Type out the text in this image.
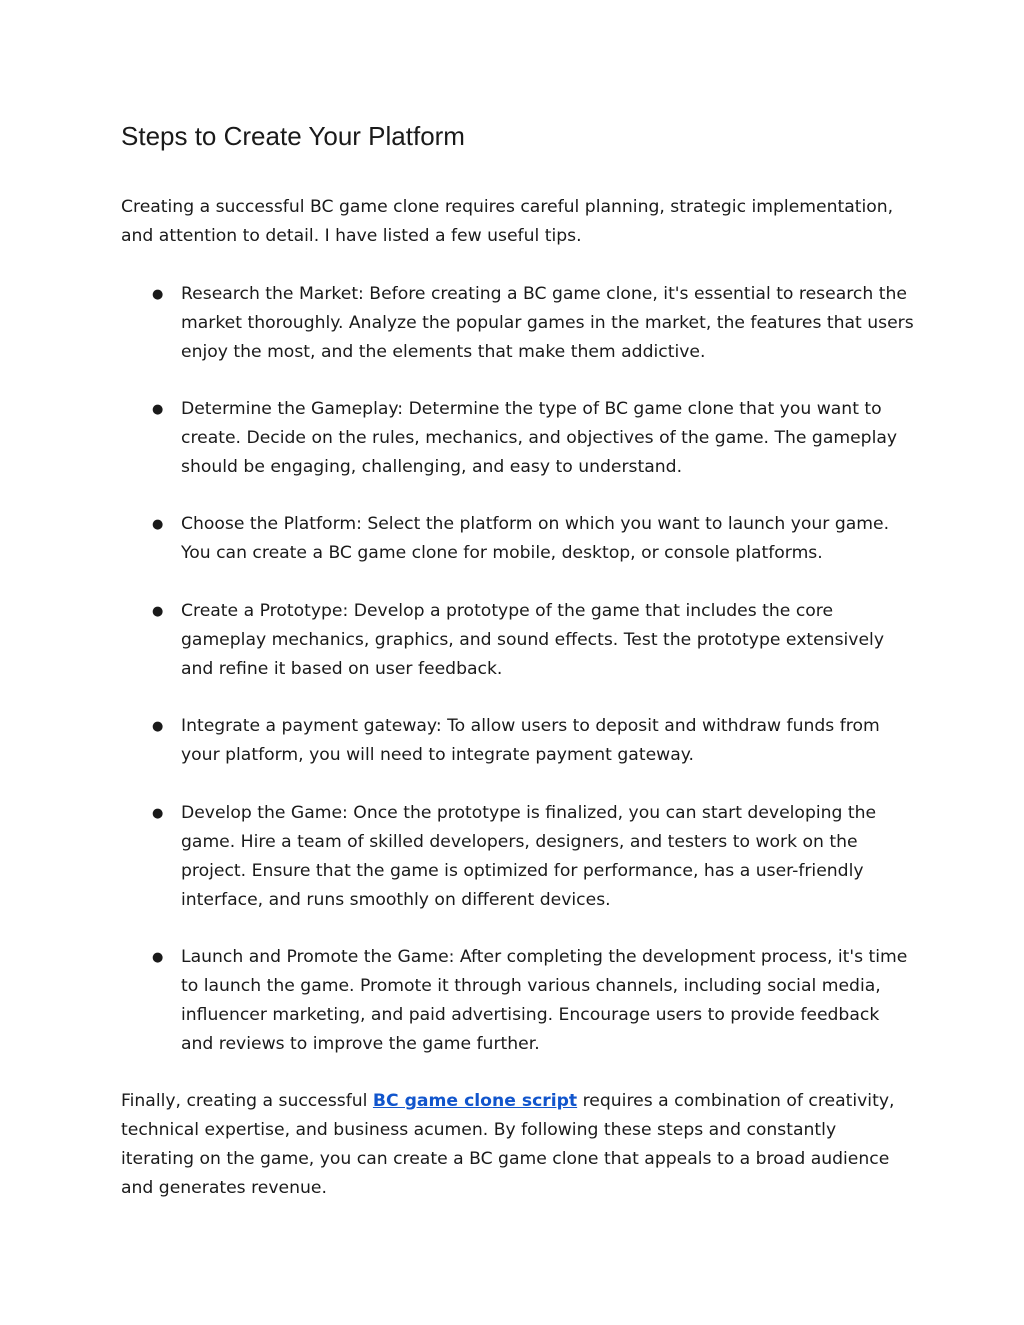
Steps to Create Your Platform

Creating a successful BC game clone requires careful planning, strategic implementation, and attention to detail. I have listed a few useful tips.

● Research the Market: Before creating a BC game clone, it's essential to research the market thoroughly. Analyze the popular games in the market, the features that users enjoy the most, and the elements that make them addictive.
● Determine the Gameplay: Determine the type of BC game clone that you want to create. Decide on the rules, mechanics, and objectives of the game. The gameplay should be engaging, challenging, and easy to understand.
● Choose the Platform: Select the platform on which you want to launch your game. You can create a BC game clone for mobile, desktop, or console platforms.
● Create a Prototype: Develop a prototype of the game that includes the core gameplay mechanics, graphics, and sound effects. Test the prototype extensively and refine it based on user feedback.
● Integrate a payment gateway: To allow users to deposit and withdraw funds from your platform, you will need to integrate payment gateway.
● Develop the Game: Once the prototype is finalized, you can start developing the game. Hire a team of skilled developers, designers, and testers to work on the project. Ensure that the game is optimized for performance, has a user-friendly interface, and runs smoothly on different devices.
● Launch and Promote the Game: After completing the development process, it's time to launch the game. Promote it through various channels, including social media, influencer marketing, and paid advertising. Encourage users to provide feedback and reviews to improve the game further.

Finally, creating a successful BC game clone script requires a combination of creativity, technical expertise, and business acumen. By following these steps and constantly iterating on the game, you can create a BC game clone that appeals to a broad audience and generates revenue.
